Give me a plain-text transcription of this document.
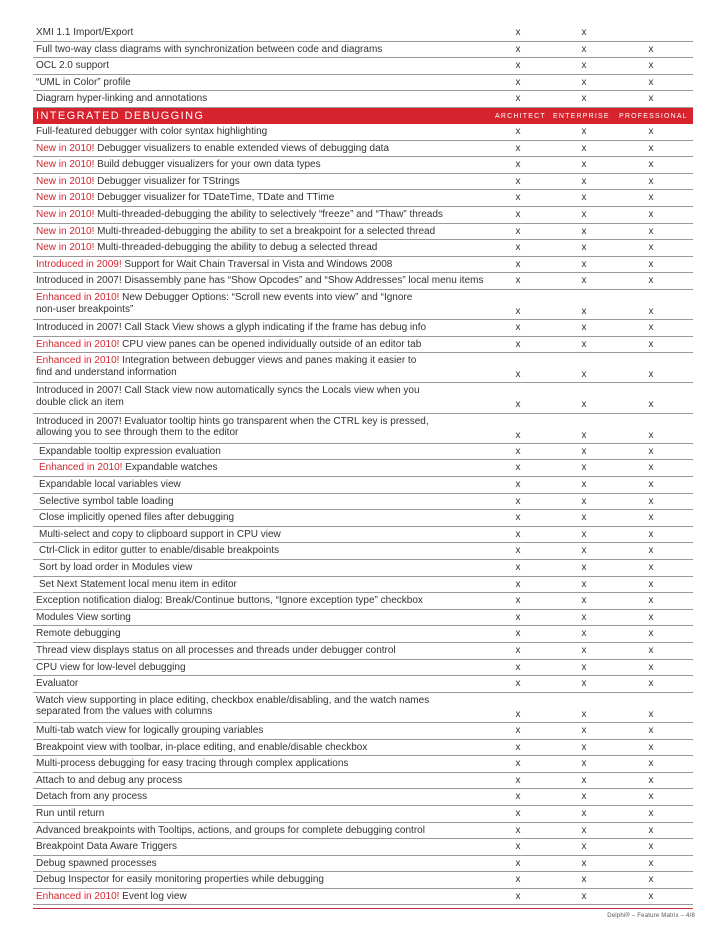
XMI 1.1 Import/Export	x	x
Full two-way class diagrams with synchronization between code and diagrams	x	x	x
OCL 2.0 support	x	x	x
“UML in Color” profile	x	x	x
Diagram hyper-linking and annotations	x	x	x
INTEGRATED DEBUGGING	ARCHITECT ENTERPRISE PROFESSIONAL
Full-featured debugger with color syntax highlighting	x	x	x
New in 2010! Debugger visualizers to enable extended views of debugging data	x	x	x
New in 2010! Build debugger visualizers for your own data types	x	x	x
New in 2010! Debugger visualizer for TStrings	x	x	x
New in 2010! Debugger visualizer for TDateTime, TDate and TTime	x	x	x
New in 2010! Multi-threaded-debugging the ability to selectively “freeze” and “Thaw” threads	x	x	x
New in 2010! Multi-threaded-debugging the ability to set a breakpoint for a selected thread	x	x	x
New in 2010! Multi-threaded-debugging the ability to debug a selected thread	x	x	x
Introduced in 2009! Support for Wait Chain Traversal in Vista and Windows 2008	x	x	x
Introduced in 2007! Disassembly pane has “Show Opcodes” and “Show Addresses” local menu items	x	x	x
Enhanced in 2010! New Debugger Options: “Scroll new events into view” and “Ignore
non-user breakpoints”	x	x	x
Introduced in 2007! Call Stack View shows a glyph indicating if the frame has debug info	x	x	x
Enhanced in 2010! CPU view panes can be opened individually outside of an editor tab	x	x	x
Enhanced in 2010! Integration between debugger views and panes making it easier to
find and understand information	x	x	x
Introduced in 2007! Call Stack view now automatically syncs the Locals view when you
double click an item	x	x	x
Introduced in 2007! Evaluator tooltip hints go transparent when the CTRL key is pressed,
allowing you to see through them to the editor	x	x	x
Expandable tooltip expression evaluation	x	x	x
Enhanced in 2010! Expandable watches	x	x	x
Expandable local variables view	x	x	x
Selective symbol table loading	x	x	x
Close implicitly opened files after debugging	x	x	x
Multi-select and copy to clipboard support in CPU view	x	x	x
Ctrl-Click in editor gutter to enable/disable breakpoints	x	x	x
Sort by load order in Modules view	x	x	x
Set Next Statement local menu item in editor	x	x	x
Exception notification dialog: Break/Continue buttons, “Ignore exception type” checkbox	x	x	x
Modules View sorting	x	x	x
Remote debugging	x	x	x
Thread view displays status on all processes and threads under debugger control	x	x	x
CPU view for low-level debugging	x	x	x
Evaluator	x	x	x
Watch view supporting in place editing, checkbox enable/disabling, and the watch names
separated from the values with columns	x	x	x
Multi-tab watch view for logically grouping variables	x	x	x
Breakpoint view with toolbar, in-place editing, and enable/disable checkbox	x	x	x
Multi-process debugging for easy tracing through complex applications	x	x	x
Attach to and debug any process	x	x	x
Detach from any process	x	x	x
Run until return	x	x	x
Advanced breakpoints with Tooltips, actions, and groups for complete debugging control	x	x	x
Breakpoint Data Aware Triggers	x	x	x
Debug spawned processes	x	x	x
Debug Inspector for easily monitoring properties while debugging	x	x	x
Enhanced in 2010! Event log view	x	x	x
Delphi® – Feature Matrix – 4/8
